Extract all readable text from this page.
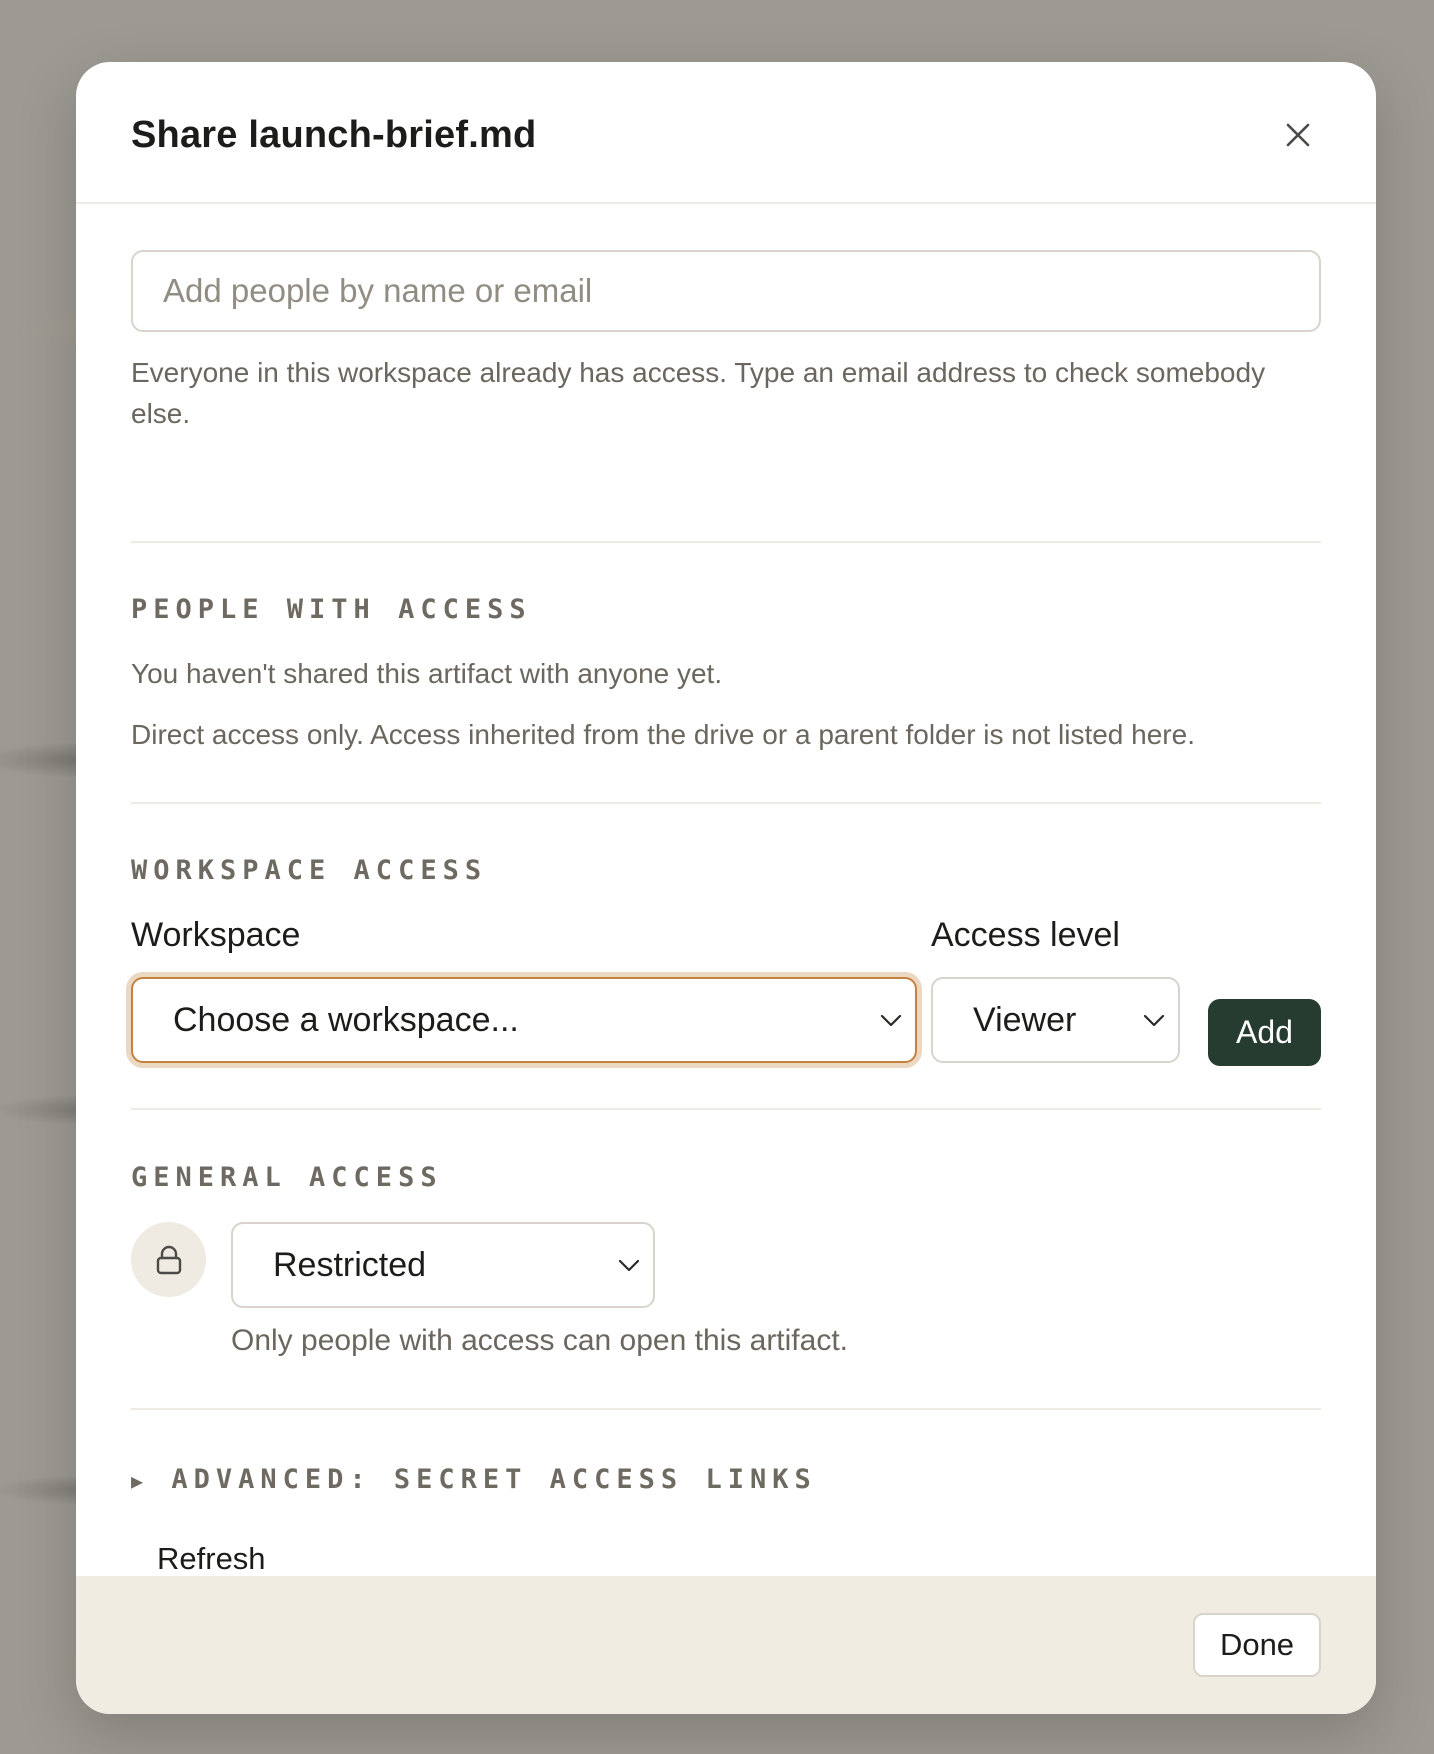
Share launch-brief.md
Add people by name or email

Everyone in this workspace already has access. Type an email address to check somebody else.

PEOPLE WITH ACCESS

You haven't shared this artifact with anyone yet.

Direct access only. Access inherited from the drive or a parent folder is not listed here.

WORKSPACE ACCESS

Workspace	Access level

Choose a workspace...	Viewer	Add
GENERAL ACCESS
Restricted

Only people with access can open this artifact.

▶ ADVANCED: SECRET ACCESS LINKS
Refresh
Done
